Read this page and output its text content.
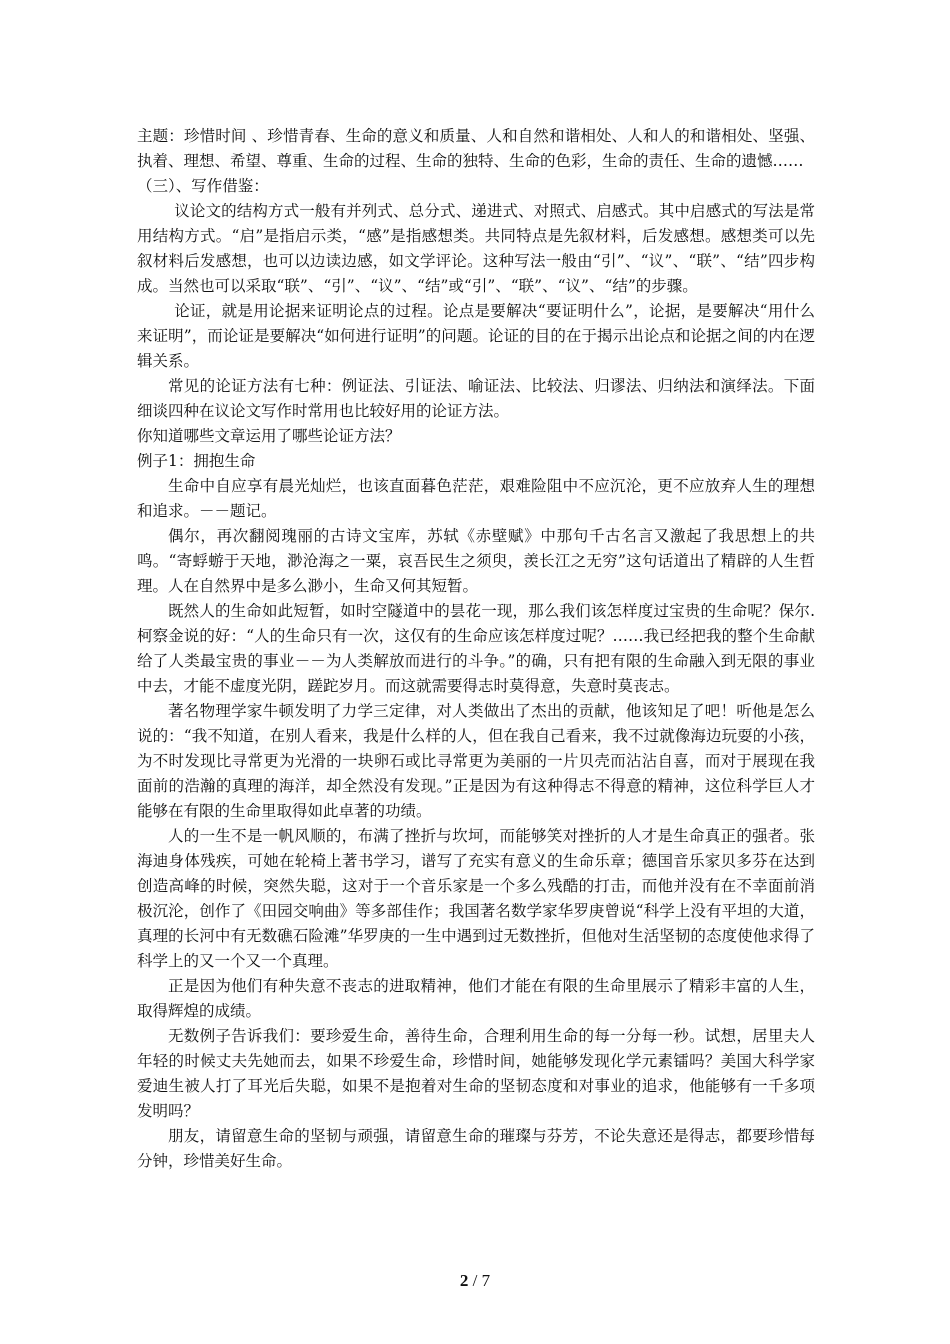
主题：珍惜时间 、珍惜青春、生命的意义和质量、人和自然和谐相处、人和人的和谐相处、坚强、执着、理想、希望、尊重、生命的过程、生命的独特、生命的色彩，生命的责任、生命的遗憾……

（三）、写作借鉴：

议论文的结构方式一般有并列式、总分式、递进式、对照式、启感式。其中启感式的写法是常用结构方式。“启”是指启示类，“感”是指感想类。共同特点是先叙材料，后发感想。感想类可以先叙材料后发感想，也可以边读边感，如文学评论。这种写法一般由“引”、“议”、“联”、“结”四步构成。当然也可以采取“联”、“引”、“议”、“结”或“引”、“联”、“议”、“结”的步骤。

论证，就是用论据来证明论点的过程。论点是要解决“要证明什么”，论据，是要解决“用什么来证明”，而论证是要解决“如何进行证明”的问题。论证的目的在于揭示出论点和论据之间的内在逻辑关系。

常见的论证方法有七种：例证法、引证法、喻证法、比较法、归谬法、归纳法和演绎法。下面细谈四种在议论文写作时常用也比较好用的论证方法。

你知道哪些文章运用了哪些论证方法？

例子1：拥抱生命

生命中自应享有晨光灿烂，也该直面暮色茫茫，艰难险阻中不应沉沦，更不应放弃人生的理想和追求。－－题记。

偶尔，再次翻阅瑰丽的古诗文宝库，苏轼《赤壁赋》中那句千古名言又激起了我思想上的共鸣。“寄蜉蝣于天地，渺沧海之一粟，哀吾民生之须臾，羡长江之无穷”这句话道出了精辟的人生哲理。人在自然界中是多么渺小，生命又何其短暂。

既然人的生命如此短暂，如时空隧道中的昙花一现，那么我们该怎样度过宝贵的生命呢？保尔.柯察金说的好：“人的生命只有一次，这仅有的生命应该怎样度过呢？……我已经把我的整个生命献给了人类最宝贵的事业－－为人类解放而进行的斗争。”的确，只有把有限的生命融入到无限的事业中去，才能不虚度光阴，蹉跎岁月。而这就需要得志时莫得意，失意时莫丧志。

著名物理学家牛顿发明了力学三定律，对人类做出了杰出的贡献，他该知足了吧！听他是怎么说的：“我不知道，在别人看来，我是什么样的人，但在我自己看来，我不过就像海边玩耍的小孩，为不时发现比寻常更为光滑的一块卵石或比寻常更为美丽的一片贝壳而沾沾自喜，而对于展现在我面前的浩瀚的真理的海洋，却全然没有发现。”正是因为有这种得志不得意的精神，这位科学巨人才能够在有限的生命里取得如此卓著的功绩。

人的一生不是一帆风顺的，布满了挫折与坎坷，而能够笑对挫折的人才是生命真正的强者。张海迪身体残疾，可她在轮椅上著书学习，谱写了充实有意义的生命乐章；德国音乐家贝多芬在达到创造高峰的时候，突然失聪，这对于一个音乐家是一个多么残酷的打击，而他并没有在不幸面前消极沉沦，创作了《田园交响曲》等多部佳作；我国著名数学家华罗庚曾说“科学上没有平坦的大道，真理的长河中有无数礁石险滩”华罗庚的一生中遇到过无数挫折，但他对生活坚韧的态度使他求得了科学上的又一个又一个真理。

正是因为他们有种失意不丧志的进取精神，他们才能在有限的生命里展示了精彩丰富的人生，取得辉煌的成绩。

无数例子告诉我们：要珍爱生命，善待生命，合理利用生命的每一分每一秒。试想，居里夫人年轻的时候丈夫先她而去，如果不珍爱生命，珍惜时间，她能够发现化学元素镭吗？美国大科学家爱迪生被人打了耳光后失聪，如果不是抱着对生命的坚韧态度和对事业的追求，他能够有一千多项发明吗？

朋友，请留意生命的坚韧与顽强，请留意生命的璀璨与芬芳，不论失意还是得志，都要珍惜每分钟，珍惜美好生命。

2 / 7
